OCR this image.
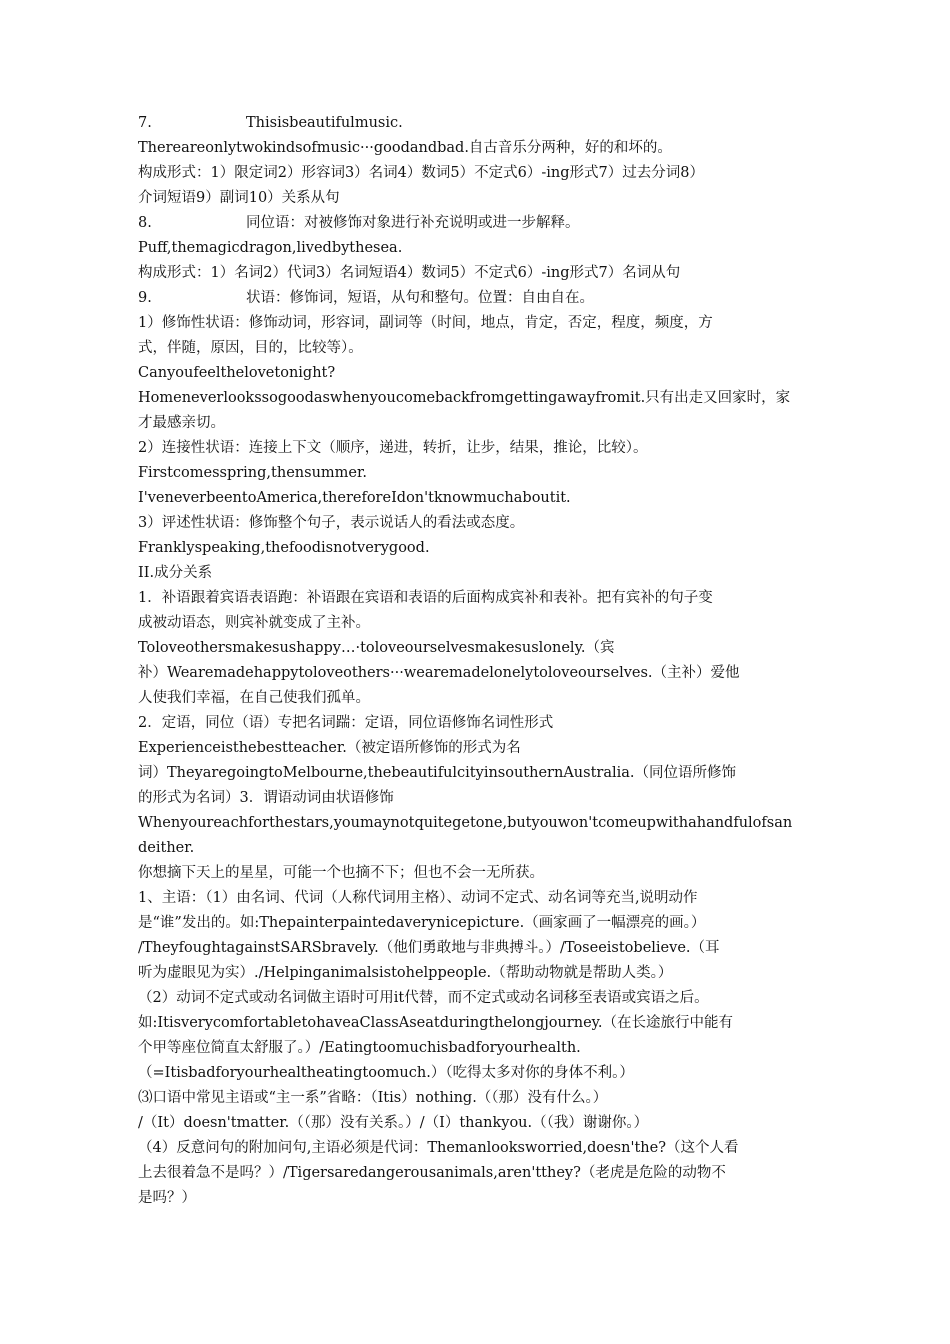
7.	Thisisbeautifulmusic.
Thereareonlytwokindsofmusic···goodandbad.自古音乐分两种，好的和坏的。
构成形式：1）限定词2）形容词3）名词4）数词5）不定式6）-ing形式7）过去分词8）
介词短语9）副词10）关系从句
8.	同位语：对被修饰对象进行补充说明或进一步解释。
Puff,themagicdragon,livedbythesea.
构成形式：1）名词2）代词3）名词短语4）数词5）不定式6）-ing形式7）名词从句
9.	状语：修饰词，短语，从句和整句。位置：自由自在。
1）修饰性状语：修饰动词，形容词，副词等（时间，地点，肯定，否定，程度，频度，方
式，伴随，原因，目的，比较等）。
Canyoufeelthelovetonight?
Homeneverlookssogoodaswhenyoucomebackfromgettingawayfromit.只有出走又回家时，家
才最感亲切。
2）连接性状语：连接上下文（顺序，递进，转折，让步，结果，推论，比较）。
Firstcomesspring,thensummer.
I'veneverbeentoAmerica,thereforeIdon'tknowmuchaboutit.
3）评述性状语：修饰整个句子，表示说话人的看法或态度。
Franklyspeaking,thefoodisnotverygood.
II.成分关系
1．补语跟着宾语表语跑：补语跟在宾语和表语的后面构成宾补和表补。把有宾补的句子变
成被动语态，则宾补就变成了主补。
Toloveothersmakesushappy…·toloveourselvesmakesuslonely.（宾
补）Wearemadehappytoloveothers···wearemadelonelytoloveourselves.（主补）爱他
人使我们幸福，在自己使我们孤单。
2．定语，同位（语）专把名词踹：定语，同位语修饰名词性形式
Experienceisthebestteacher.（被定语所修饰的形式为名
词）TheyaregoingtoMelbourne,thebeautifulcityinsouthernAustralia.（同位语所修饰
的形式为名词）3．谓语动词由状语修饰
Whenyoureachforthestars,youmaynotquitegetone,butyouwon'tcomeupwithahandfulofsan
deither.
你想摘下天上的星星，可能一个也摘不下；但也不会一无所获。
1、主语：（1）由名词、代词（人称代词用主格）、动词不定式、动名词等充当,说明动作
是“谁”发出的。如:Thepainterpaintedaverynicepicture.（画家画了一幅漂亮的画。）
/TheyfoughtagainstSARSbravely.（他们勇敢地与非典搏斗。）/Toseeistobelieve.（耳
听为虚眼见为实）./Helpinganimalsistohelppeople.（帮助动物就是帮助人类。）
（2）动词不定式或动名词做主语时可用it代替，而不定式或动名词移至表语或宾语之后。
如:ItisverycomfortabletohaveaClassAseatduringthelongjourney.（在长途旅行中能有
个甲等座位简直太舒服了。）/Eatingtoomuchisbadforyourhealth.
（=Itisbadforyourhealtheatingtoomuch.）（吃得太多对你的身体不利。）
⑶口语中常见主语或“主一系”省略：（Itis）nothing.（（那）没有什么。）
/（It）doesn'tmatter.（（那）没有关系。）/（I）thankyou.（（我）谢谢你。）
（4）反意问句的附加问句,主语必须是代词：Themanlooksworried,doesn'the?（这个人看
上去很着急不是吗？）/Tigersaredangerousanimals,aren'tthey?（老虎是危险的动物不
是吗？）
